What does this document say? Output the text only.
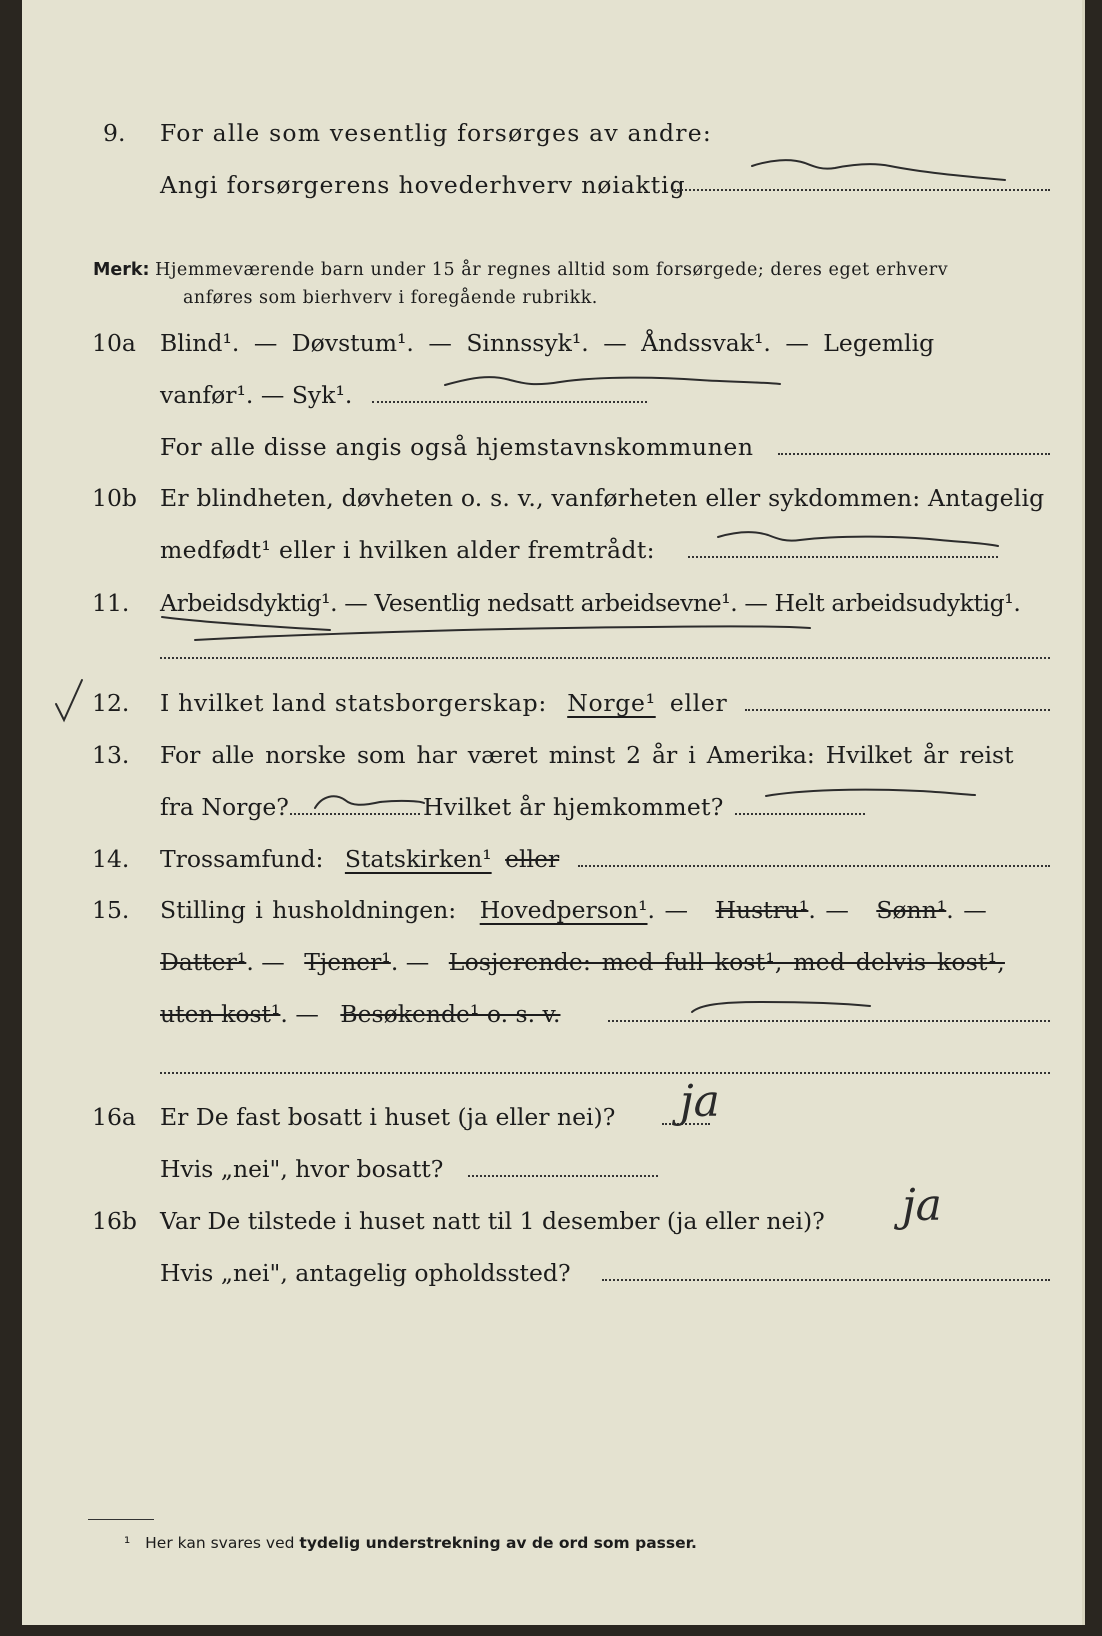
9. For alle som vesentlig forsørges av andre:
Angi forsørgerens hovederhverv nøiaktig
Merk: Hjemmeværende barn under 15 år regnes alltid som forsørgede; deres eget erhverv
anføres som bierhverv i foregående rubrikk.
10a Blind¹. — Døvstum¹. — Sinnssyk¹. — Åndssvak¹. — Legemlig
vanfør¹. — Syk¹.
For alle disse angis også hjemstavnskommunen
10b Er blindheten, døvheten o. s. v., vanførheten eller sykdommen: Antagelig
medfødt¹ eller i hvilken alder fremtrådt:
11. Arbeidsdyktig¹. — Vesentlig nedsatt arbeidsevne¹. — Helt arbeidsudyktig¹.
12. I hvilket land statsborgerskap: Norge¹ eller
13. For alle norske som har været minst 2 år i Amerika: Hvilket år reist
fra Norge?	Hvilket år hjemkommet?
14. Trossamfund: Statskirken¹ eller
15. Stilling i husholdningen: Hovedperson¹. — Hustru¹. — Sønn¹. —
Datter¹. — Tjener¹. — Losjerende: med full kost¹, med delvis kost¹,
uten kost¹. — Besøkende¹ o. s. v.
16a Er De fast bosatt i huset (ja eller nei)? ja
Hvis „nei", hvor bosatt?
16b Var De tilstede i huset natt til 1 desember (ja eller nei)? ja
Hvis „nei", antagelig opholdssted?
¹ Her kan svares ved tydelig understrekning av de ord som passer.
